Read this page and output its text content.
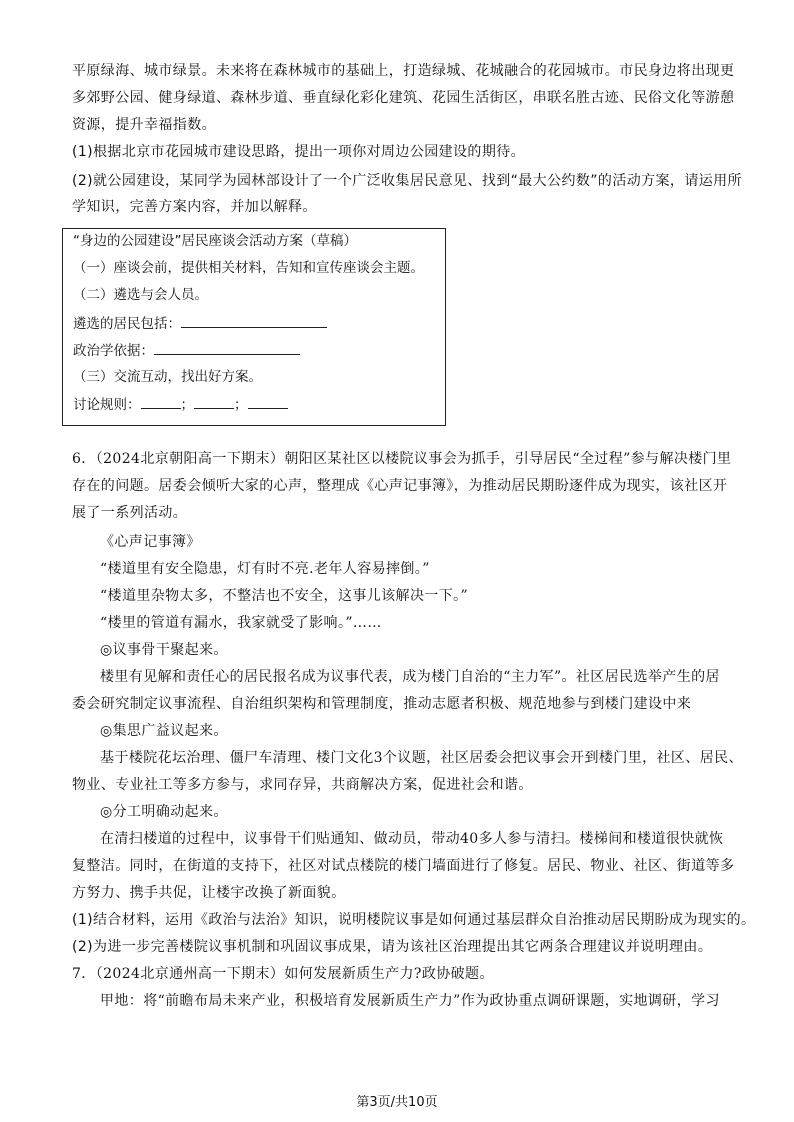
平原绿海、城市绿景。未来将在森林城市的基础上，打造绿城、花城融合的花园城市。市民身边将出现更
多郊野公园、健身绿道、森林步道、垂直绿化彩化建筑、花园生活街区，串联名胜古迹、民俗文化等游憩
资源，提升幸福指数。
(1)根据北京市花园城市建设思路，提出一项你对周边公园建设的期待。
(2)就公园建设，某同学为园林部设计了一个广泛收集居民意见、找到“最大公约数”的活动方案，请运用所
学知识，完善方案内容，并加以解释。
“身边的公园建设”居民座谈会活动方案（草稿）
（一）座谈会前，提供相关材料，告知和宣传座谈会主题。
（二）遴选与会人员。
遴选的居民包括：
政治学依据：
（三）交流互动，找出好方案。
讨论规则：	；	；
6．（2024北京朝阳高一下期末）朝阳区某社区以楼院议事会为抓手，引导居民“全过程”参与解决楼门里
存在的问题。居委会倾听大家的心声，整理成《心声记事簿》，为推动居民期盼逐件成为现实，该社区开
展了一系列活动。
《心声记事簿》
“楼道里有安全隐患，灯有时不亮.老年人容易摔倒。”
“楼道里杂物太多，不整洁也不安全，这事儿该解决一下。”
“楼里的管道有漏水，我家就受了影响。”……
◎议事骨干聚起来。
楼里有见解和责任心的居民报名成为议事代表，成为楼门自治的“主力军”。社区居民选举产生的居
委会研究制定议事流程、自治组织架构和管理制度，推动志愿者积极、规范地参与到楼门建设中来
◎集思广益议起来。
基于楼院花坛治理、僵尸车清理、楼门文化3个议题，社区居委会把议事会开到楼门里，社区、居民、
物业、专业社工等多方参与，求同存异，共商解决方案，促进社会和谐。
◎分工明确动起来。
在清扫楼道的过程中，议事骨干们贴通知、做动员，带动40多人参与清扫。楼梯间和楼道很快就恢
复整洁。同时，在街道的支持下，社区对试点楼院的楼门墙面进行了修复。居民、物业、社区、街道等多
方努力、携手共促，让楼宇改换了新面貌。
(1)结合材料，运用《政治与法治》知识，说明楼院议事是如何通过基层群众自治推动居民期盼成为现实的。
(2)为进一步完善楼院议事机制和巩固议事成果，请为该社区治理提出其它两条合理建议并说明理由。
7．（2024北京通州高一下期末）如何发展新质生产力?政协破题。
甲地：将“前瞻布局未来产业，积极培育发展新质生产力”作为政协重点调研课题，实地调研，学习
第3页/共10页
